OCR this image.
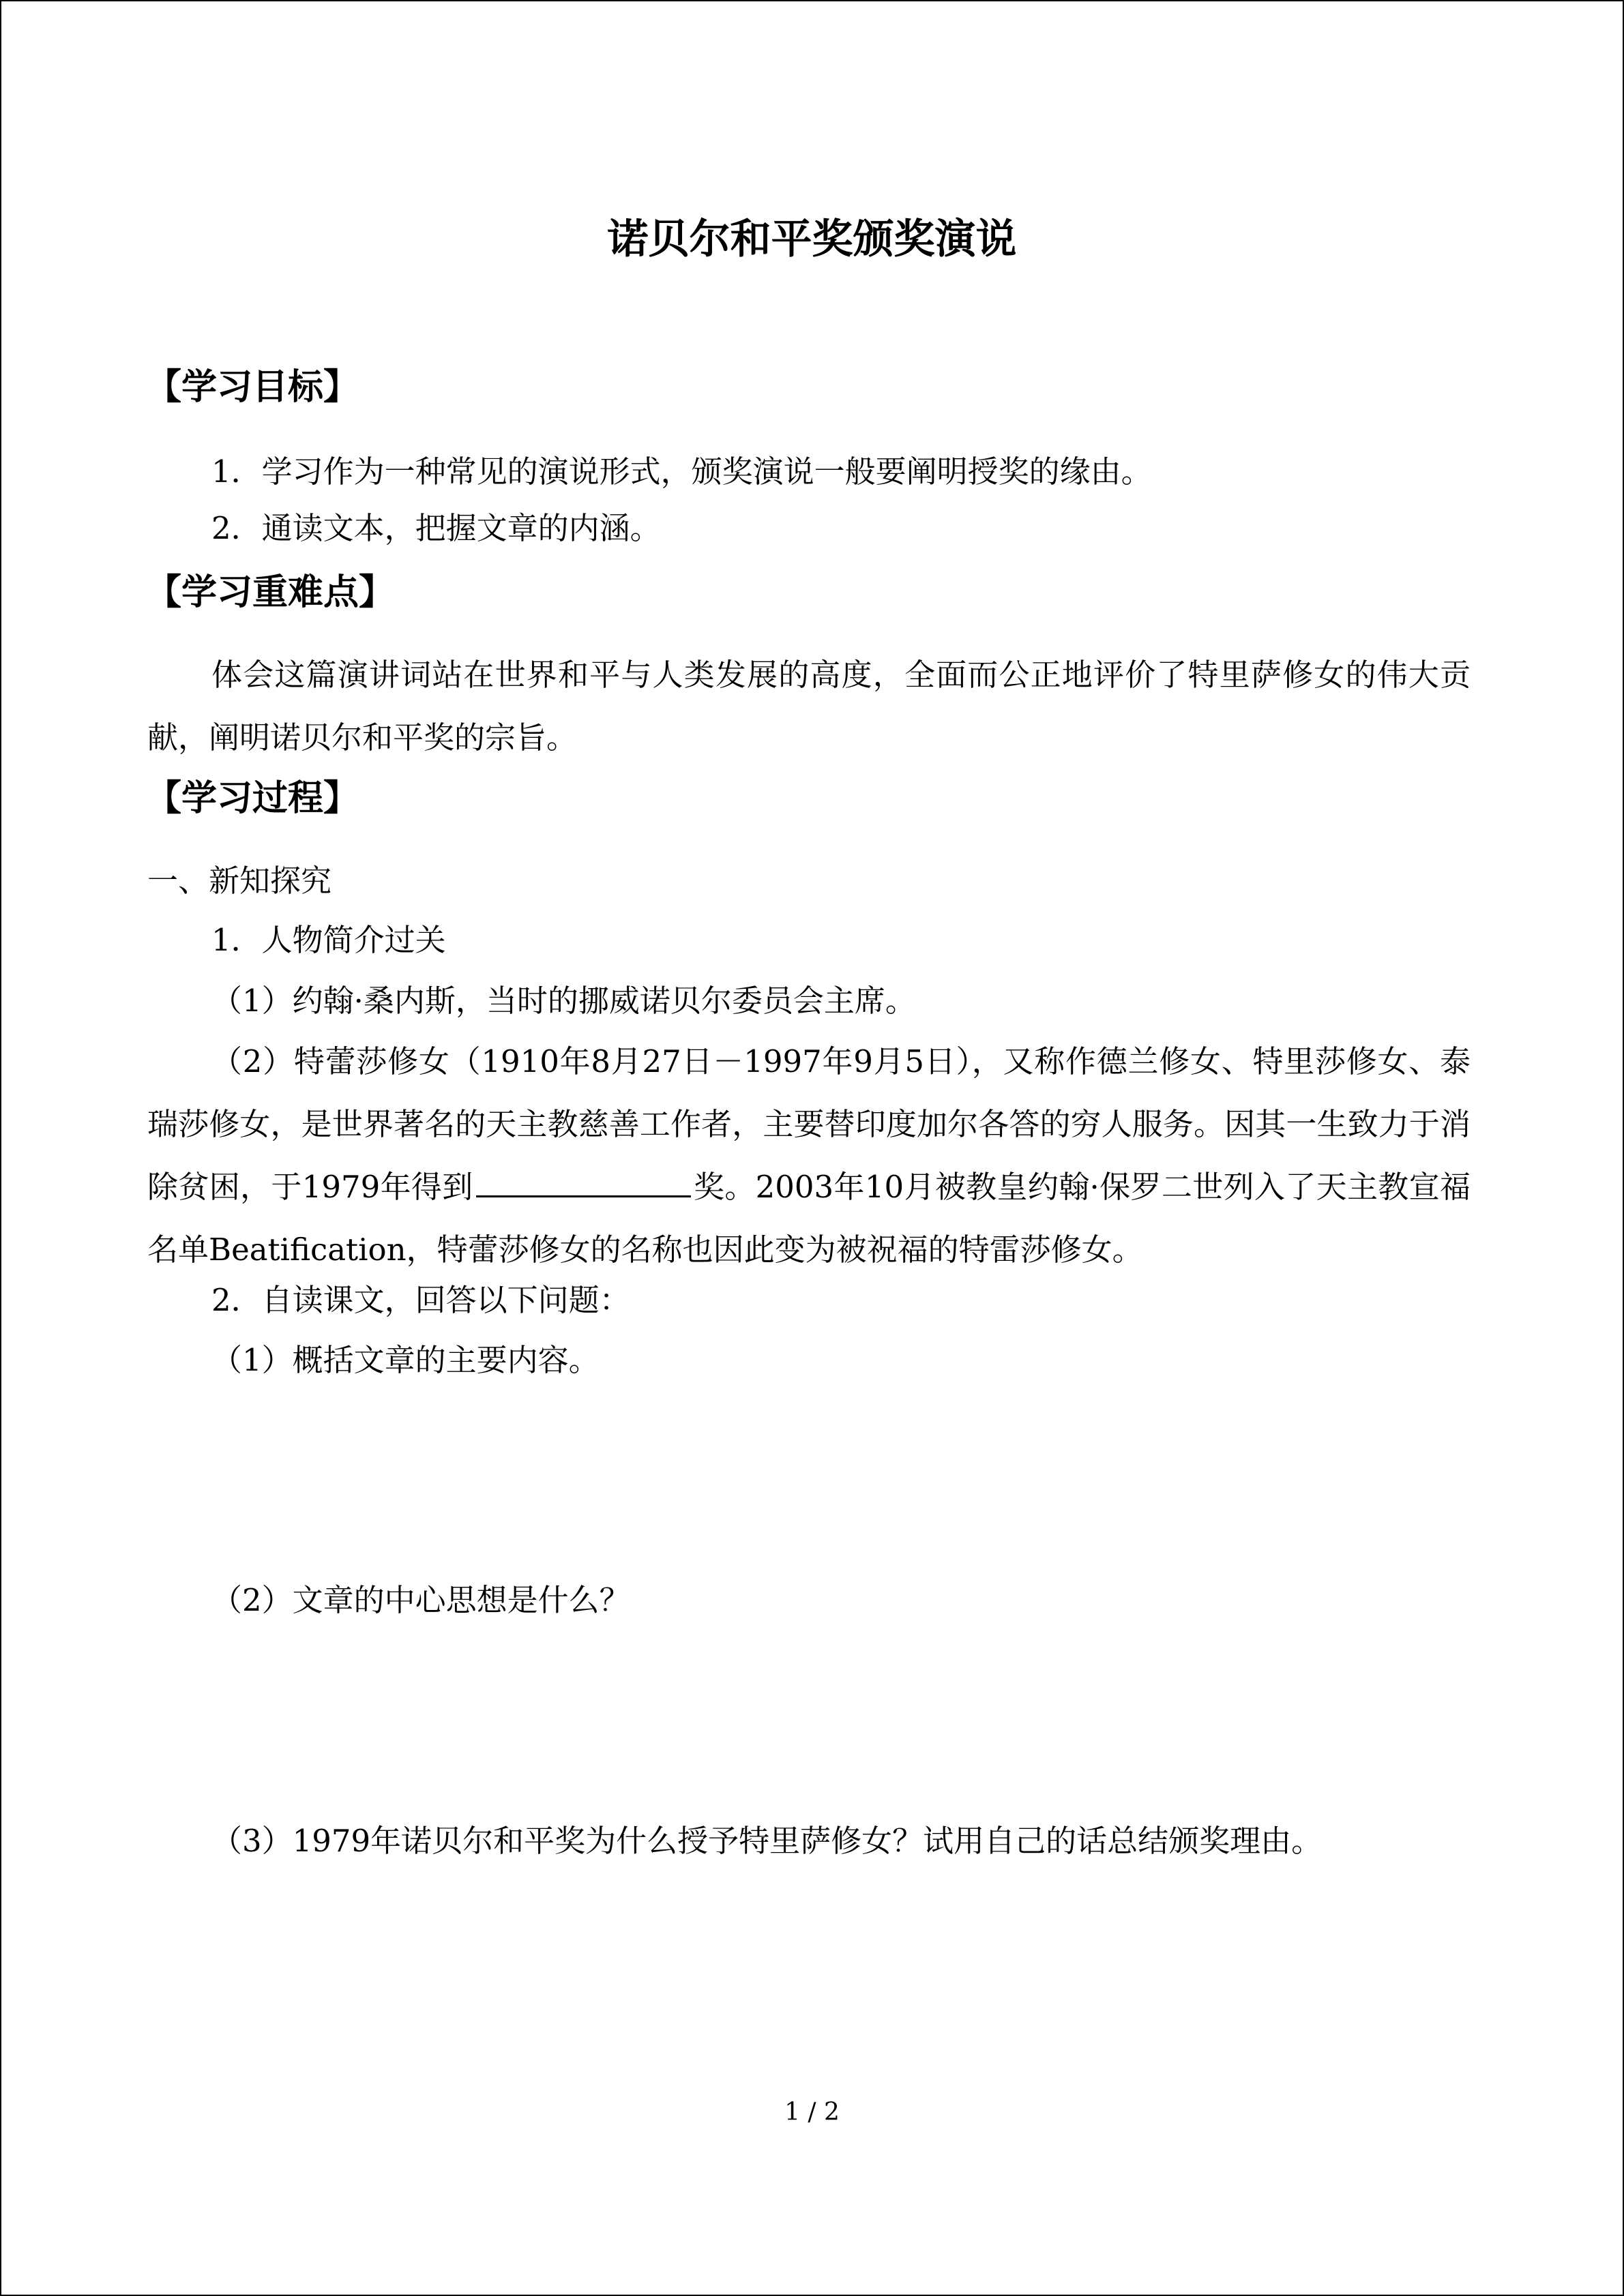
诺贝尔和平奖颁奖演说
【学习目标】
1．学习作为一种常见的演说形式，颁奖演说一般要阐明授奖的缘由。
2．通读文本，把握文章的内涵。
【学习重难点】
体会这篇演讲词站在世界和平与人类发展的高度，全面而公正地评价了特里萨修女的伟大贡献，阐明诺贝尔和平奖的宗旨。
【学习过程】
一、新知探究
1．人物简介过关
（1）约翰·桑内斯，当时的挪威诺贝尔委员会主席。
（2）特蕾莎修女（1910年8月27日－1997年9月5日），又称作德兰修女、特里莎修女、泰瑞莎修女，是世界著名的天主教慈善工作者，主要替印度加尔各答的穷人服务。因其一生致力于消除贫困，于1979年得到	奖。2003年10月被教皇约翰·保罗二世列入了天主教宣福名单Beatification，特蕾莎修女的名称也因此变为被祝福的特雷莎修女。
2．自读课文，回答以下问题：
（1）概括文章的主要内容。
（2）文章的中心思想是什么？
（3）1979年诺贝尔和平奖为什么授予特里萨修女？试用自己的话总结颁奖理由。
1 / 2
